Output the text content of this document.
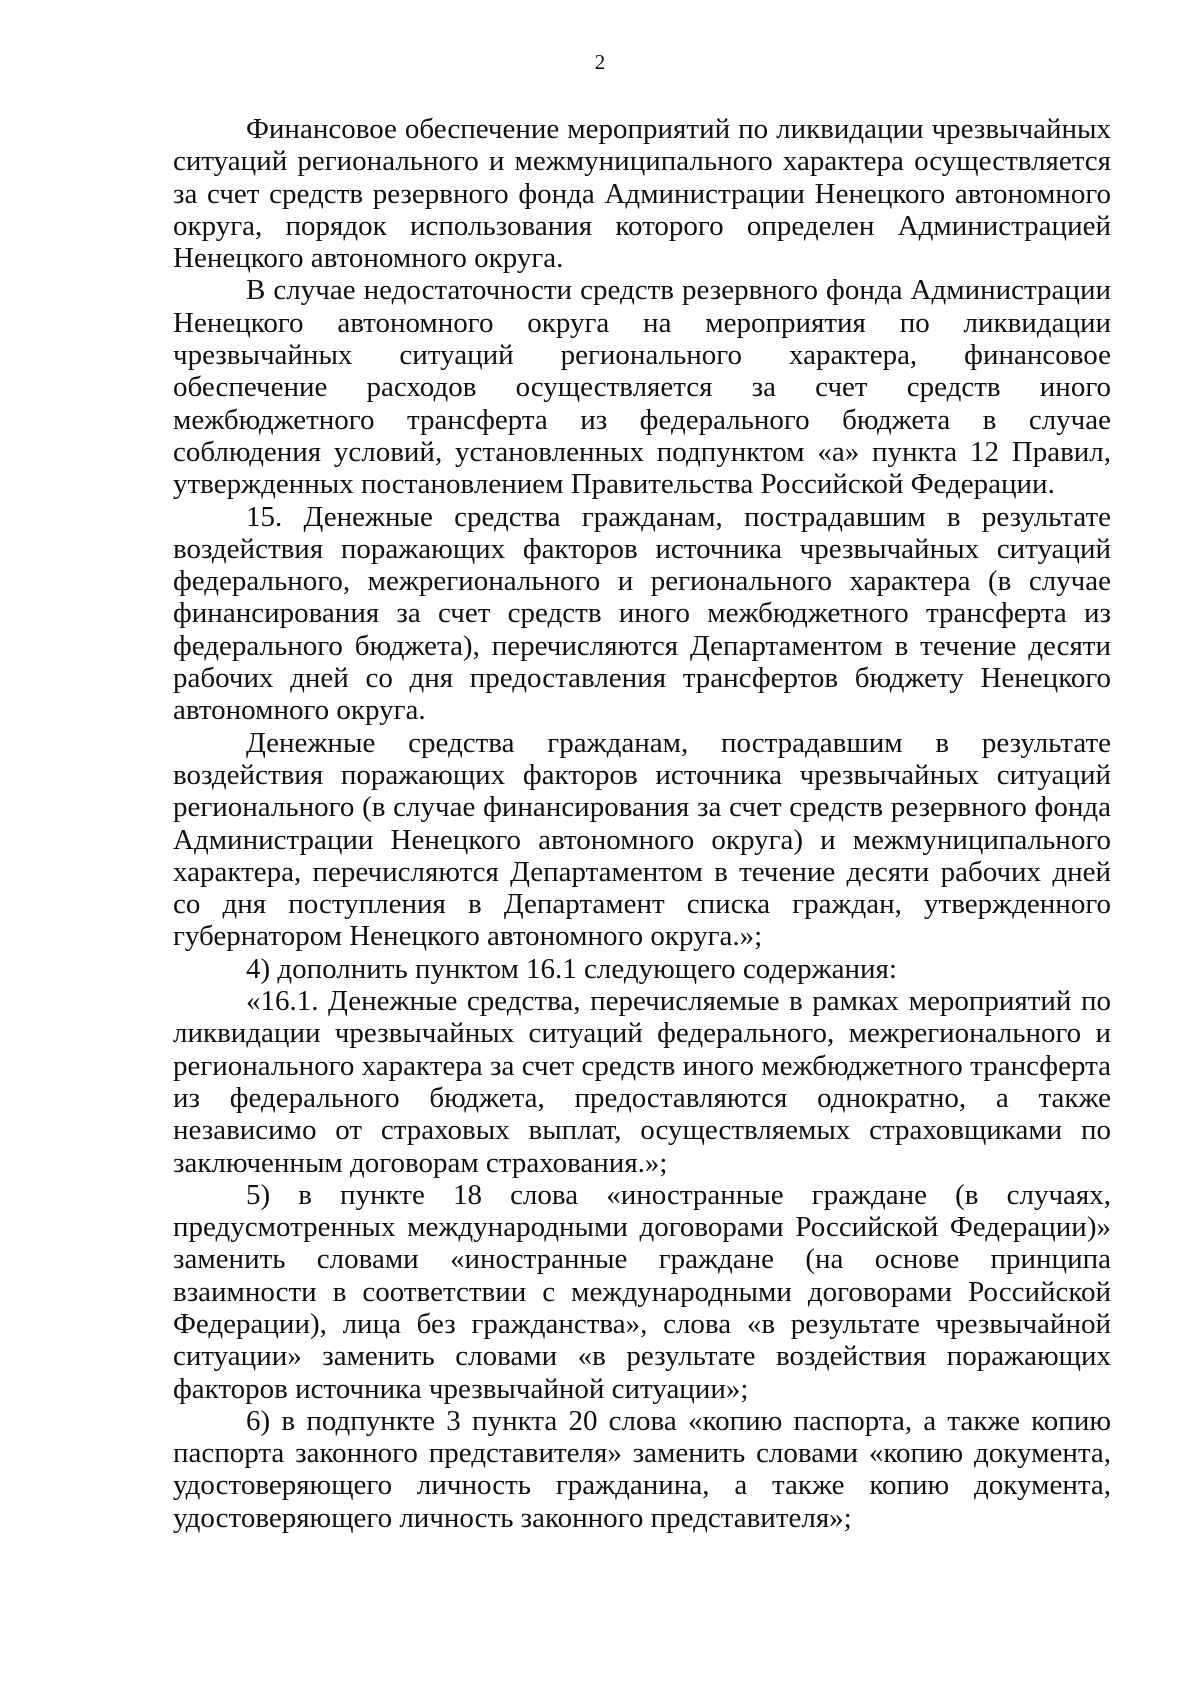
2

Финансовое обеспечение мероприятий по ликвидации чрезвычайных ситуаций регионального и межмуниципального характера осуществляется за счет средств резервного фонда Администрации Ненецкого автономного округа, порядок использования которого определен Администрацией Ненецкого автономного округа.

В случае недостаточности средств резервного фонда Администрации Ненецкого автономного округа на мероприятия по ликвидации чрезвычайных ситуаций регионального характера, финансовое обеспечение расходов осуществляется за счет средств иного межбюджетного трансферта из федерального бюджета в случае соблюдения условий, установленных подпунктом «а» пункта 12 Правил, утвержденных постановлением Правительства Российской Федерации.

15. Денежные средства гражданам, пострадавшим в результате воздействия поражающих факторов источника чрезвычайных ситуаций федерального, межрегионального и регионального характера (в случае финансирования за счет средств иного межбюджетного трансферта из федерального бюджета), перечисляются Департаментом в течение десяти рабочих дней со дня предоставления трансфертов бюджету Ненецкого автономного округа.

Денежные средства гражданам, пострадавшим в результате воздействия поражающих факторов источника чрезвычайных ситуаций регионального (в случае финансирования за счет средств резервного фонда Администрации Ненецкого автономного округа) и межмуниципального характера, перечисляются Департаментом в течение десяти рабочих дней со дня поступления в Департамент списка граждан, утвержденного губернатором Ненецкого автономного округа.»;

4) дополнить пунктом 16.1 следующего содержания:

«16.1. Денежные средства, перечисляемые в рамках мероприятий по ликвидации чрезвычайных ситуаций федерального, межрегионального и регионального характера за счет средств иного межбюджетного трансферта из федерального бюджета, предоставляются однократно, а также независимо от страховых выплат, осуществляемых страховщиками по заключенным договорам страхования.»;

5) в пункте 18 слова «иностранные граждане (в случаях, предусмотренных международными договорами Российской Федерации)» заменить словами «иностранные граждане (на основе принципа взаимности в соответствии с международными договорами Российской Федерации), лица без гражданства», слова «в результате чрезвычайной ситуации» заменить словами «в результате воздействия поражающих факторов источника чрезвычайной ситуации»;

6) в подпункте 3 пункта 20 слова «копию паспорта, а также копию паспорта законного представителя» заменить словами «копию документа, удостоверяющего личность гражданина, а также копию документа, удостоверяющего личность законного представителя»;
